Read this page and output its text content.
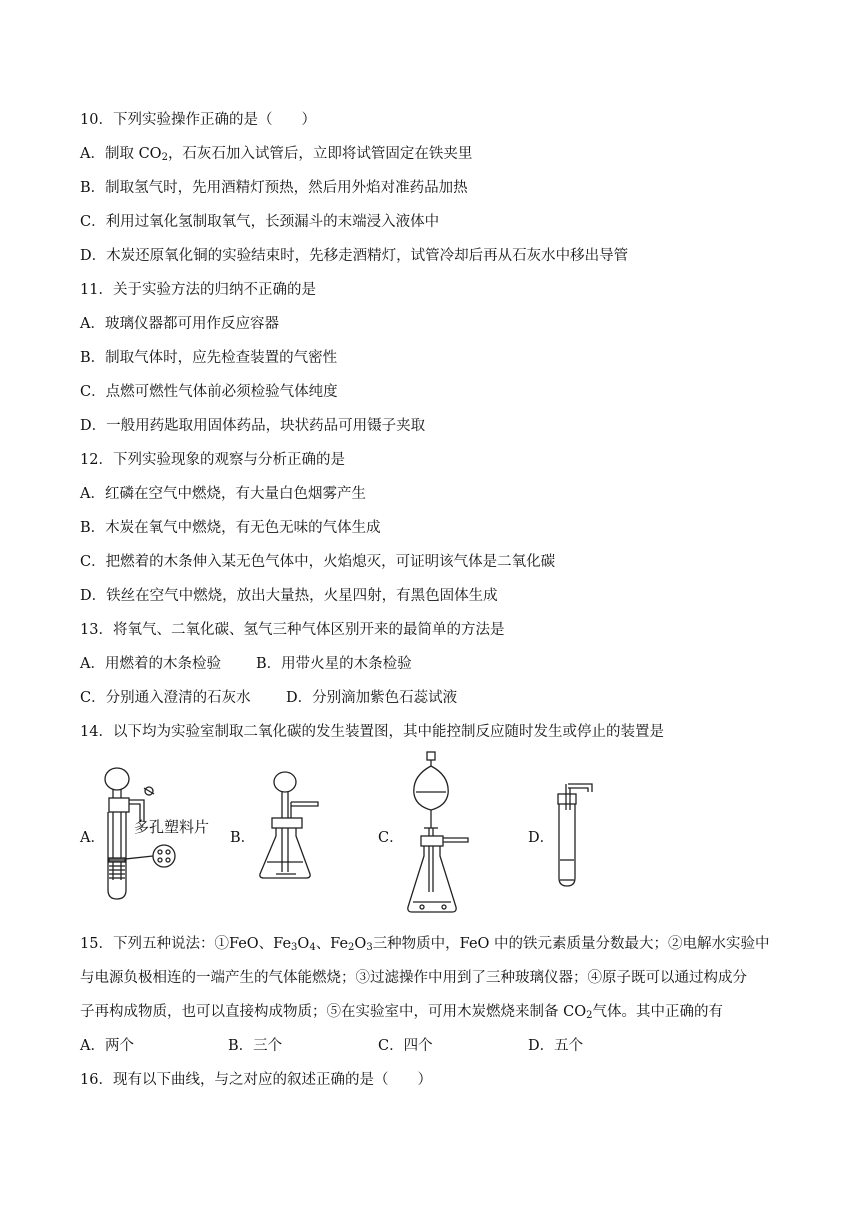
10．下列实验操作正确的是（　　）
A．制取 $CO_2$，石灰石加入试管后，立即将试管固定在铁夹里
B．制取氢气时，先用酒精灯预热，然后用外焰对准药品加热
C．利用过氧化氢制取氧气，长颈漏斗的末端浸入液体中
D．木炭还原氧化铜的实验结束时，先移走酒精灯，试管冷却后再从石灰水中移出导管
11．关于实验方法的归纳不正确的是
A．玻璃仪器都可用作反应容器
B．制取气体时，应先检查装置的气密性
C．点燃可燃性气体前必须检验气体纯度
D．一般用药匙取用固体药品，块状药品可用镊子夹取
12．下列实验现象的观察与分析正确的是
A．红磷在空气中燃烧，有大量白色烟雾产生
B．木炭在氧气中燃烧，有无色无味的气体生成
C．把燃着的木条伸入某无色气体中，火焰熄灭，可证明该气体是二氧化碳
D．铁丝在空气中燃烧，放出大量热，火星四射，有黑色固体生成
13．将氧气、二氧化碳、氢气三种气体区别开来的最简单的方法是
A．用燃着的木条检验 B．用带火星的木条检验
C．分别通入澄清的石灰水 D．分别滴加紫色石蕊试液
14．以下均为实验室制取二氧化碳的发生装置图，其中能控制反应随时发生或停止的装置是
A．	B．	C．	D．
多孔塑料片
15．下列五种说法：①FeO、$Fe_3O_4$、$Fe_2O_3$三种物质中，FeO 中的铁元素质量分数最大；②电解水实验中
与电源负极相连的一端产生的气体能燃烧；③过滤操作中用到了三种玻璃仪器；④原子既可以通过构成分
子再构成物质，也可以直接构成物质；⑤在实验室中，可用木炭燃烧来制备 $CO_2$气体。其中正确的有
A．两个	B．三个	C．四个	D．五个
16．现有以下曲线，与之对应的叙述正确的是（　　）
